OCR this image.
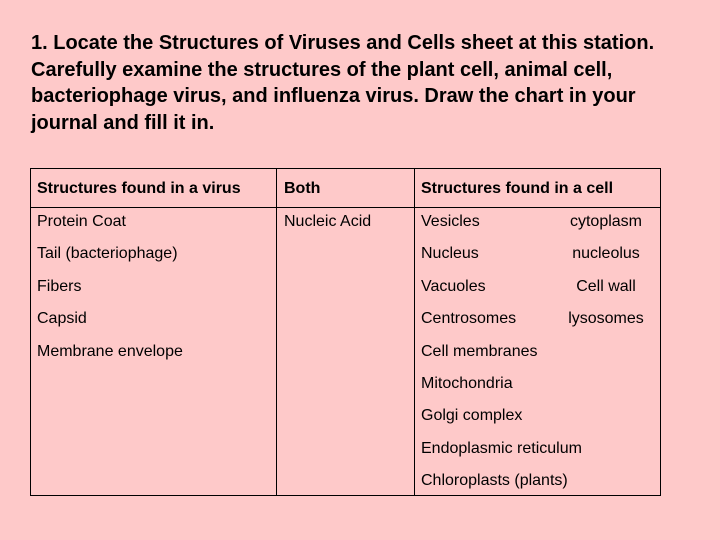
1. Locate the Structures of Viruses and Cells sheet at this station. Carefully examine the structures of the plant cell, animal cell, bacteriophage virus, and influenza virus. Draw the chart in your journal and fill it in.

Structures found in a virus
Protein Coat
Tail (bacteriophage)
Fibers
Capsid
Membrane envelope
Both
Nucleic Acid
Structures found in a cell
Vesicles
Nucleus
Vacuoles
Centrosomes
Cell membranes
Mitochondria
Golgi complex
Endoplasmic reticulum
Chloroplasts (plants)
cytoplasm
nucleolus
Cell wall
lysosomes
